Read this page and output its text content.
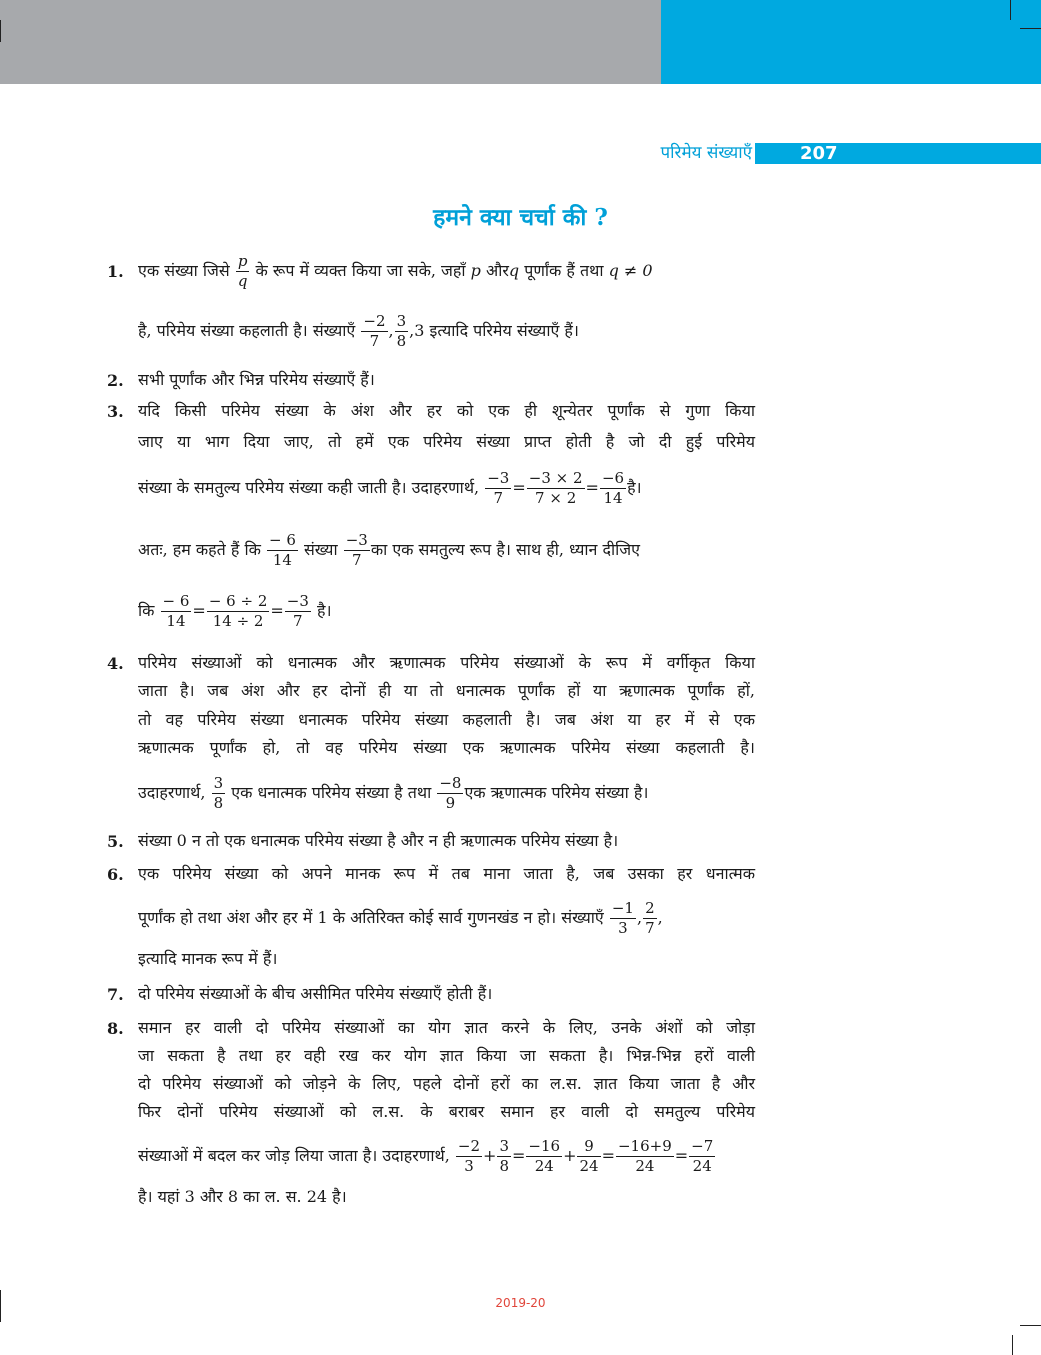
परिमेय संख्याएँ	207
हमने क्या चर्चा की ?
1. एक संख्या जिसे $\frac{p}{q}$ के रूप में व्यक्त किया जा सके, जहाँ p औरq पूर्णांक हैं तथा q ≠ 0
है, परिमेय संख्या कहलाती है। संख्याएँ $\frac{-2}{7}$ , $\frac{3}{8} ,3$ इत्यादि परिमेय संख्याएँ हैं।
2. सभी पूर्णांक और भिन्न परिमेय संख्याएँ हैं।
3. यदि किसी परिमेय संख्या के अंश और हर को एक ही शून्येतर पूर्णांक से गुणा किया
जाए या भाग दिया जाए, तो हमें एक परिमेय संख्या प्राप्त होती है जो दी हुई परिमेय
संख्या के समतुल्य परिमेय संख्या कही जाती है। उदाहरणार्थ, $\frac{-3}{7} = \frac{-3 \times 2}{7 \times 2} = \frac{-6}{14}$ है।
अतः, हम कहते हैं कि $\frac{- 6}{14}$ संख्या $\frac{-3}{7}$ का एक समतुल्य रूप है। साथ ही, ध्यान दीजिए
कि $\frac{- 6}{14} = \frac{- 6 \div 2}{14 \div 2} = \frac{-3}{7}$ है।
4. परिमेय संख्याओं को धनात्मक और ऋणात्मक परिमेय संख्याओं के रूप में वर्गीकृत किया
जाता है। जब अंश और हर दोनों ही या तो धनात्मक पूर्णांक हों या ऋणात्मक पूर्णांक हों,
तो वह परिमेय संख्या धनात्मक परिमेय संख्या कहलाती है। जब अंश या हर में से एक
ऋणात्मक पूर्णांक हो, तो वह परिमेय संख्या एक ऋणात्मक परिमेय संख्या कहलाती है।
उदाहरणार्थ, $\frac{3}{8}$ एक धनात्मक परिमेय संख्या है तथा $\frac{-8}{9}$ एक ऋणात्मक परिमेय संख्या है।
5. संख्या 0 न तो एक धनात्मक परिमेय संख्या है और न ही ऋणात्मक परिमेय संख्या है।
6. एक परिमेय संख्या को अपने मानक रूप में तब माना जाता है, जब उसका हर धनात्मक
पूर्णांक हो तथा अंश और हर में 1 के अतिरिक्त कोई सार्व गुणनखंड न हो। संख्याएँ $\frac{-1}{3}$ , $\frac{2}{7}$ ,
इत्यादि मानक रूप में हैं।
7. दो परिमेय संख्याओं के बीच असीमित परिमेय संख्याएँ होती हैं।
8. समान हर वाली दो परिमेय संख्याओं का योग ज्ञात करने के लिए, उनके अंशों को जोड़ा
जा सकता है तथा हर वही रख कर योग ज्ञात किया जा सकता है। भिन्न-भिन्न हरों वाली
दो परिमेय संख्याओं को जोड़ने के लिए, पहले दोनों हरों का ल.स. ज्ञात किया जाता है और
फिर दोनों परिमेय संख्याओं को ल.स. के बराबर समान हर वाली दो समतुल्य परिमेय
संख्याओं में बदल कर जोड़ लिया जाता है। उदाहरणार्थ, $\frac{-2}{3} + \frac{3}{8} = \frac{-16}{24} + \frac{9}{24} = \frac{-16+9}{24} = \frac{-7}{24}$
है। यहां 3 और 8 का ल. स. 24 है।
2019-20
